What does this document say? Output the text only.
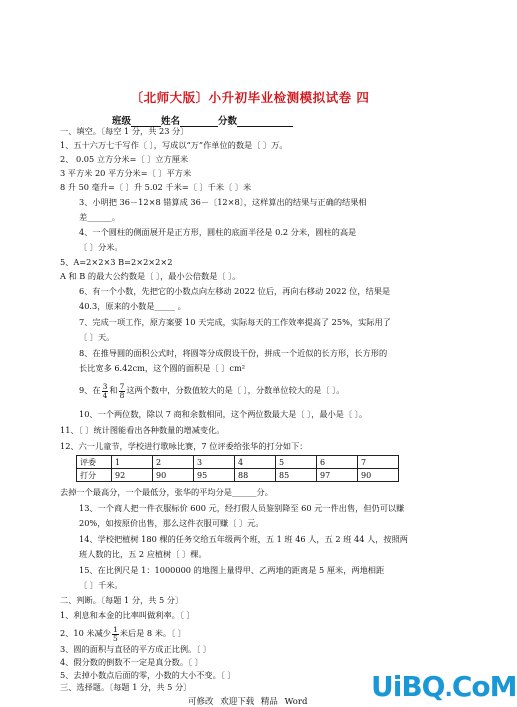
〔北师大版〕小升初毕业检测模拟试卷 四
班级	姓名	分数
一、填空。〔每空 1 分，共 23 分〕
1、五十六万七千写作〔 〕，写成以“万”作单位的数是〔 〕万。
2、 0.05 立方分米=〔 〕立方厘米
3 平方米 20 平方分米=〔 〕平方米
8 升 50 毫升=〔 〕升 5.02 千米=〔 〕千米〔 〕米
3、小明把 36－12×8 错算成 36－〔12×8〕，这样算出的结果与正确的结果相
差______。
4、一个圆柱的侧面展开是正方形，圆柱的底面半径是 0.2 分米，圆柱的高是
〔 〕分米。
5、A=2×2×3 B=2×2×2×2
A 和 B 的最大公约数是〔 〕，最小公倍数是〔 〕。
6、有一个小数，先把它的小数点向左移动 2022 位后，再向右移动 2022 位，结果是
40.3，原来的小数是_____ 。
7、完成一项工作，原方案要 10 天完成，实际每天的工作效率提高了 25%，实际用了
〔 〕天。
8、在推导圆的面积公式时，将圆等分成假设干份，拼成一个近似的长方形，长方形的
长比宽多 6.42cm，这个圆的面积是〔 〕cm²
9、在 $\frac{3}{4}$ 和 $\frac{7}{8}$ 这两个数中，分数值较大的是〔 〕，分数单位较大的是〔 〕。
10、一个两位数，除以 7 商和余数相同，这个两位数最大是〔 〕，最小是〔 〕。
11、〔 〕统计图能看出各种数量的增减变化。
12、六一儿童节，学校进行歌咏比赛，7 位评委给张华的打分如下：
评委	1	2	3	4	5	6	7
打分	92	90	95	88	85	97	90
去掉一个最高分，一个最低分，张华的平均分是______分。
13、一个商人把一件衣服标价 600 元，经打假人员鉴别降至 60 元一件出售，但仍可以赚
20%，如按原价出售，那么这件衣服可赚〔 〕元。
14、学校把植树 180 棵的任务交给五年级两个班，五 1 班 46 人，五 2 班 44 人，按照两
班人数的比，五 2 应植树〔 〕棵。
15、在比例尺是 1：1000000 的地图上量得甲、乙两地的距离是 5 厘米，两地相距
〔 〕千米。
二、判断。〔每题 1 分，共 5 分〕
1、利息和本金的比率叫做利率。〔 〕
2、10 米减少 $\frac{1}{5}$ 米后是 8 米。〔 〕
3、圆的面积与直径的平方成正比例。〔 〕
4、假分数的倒数不一定是真分数。〔 〕
可修改 欢迎下载 精品 Word UiBQ.CoM
5、去掉小数点后面的零，小数的大小不变。〔 〕
三、选择题。〔每题 1 分，共 5 分〕
